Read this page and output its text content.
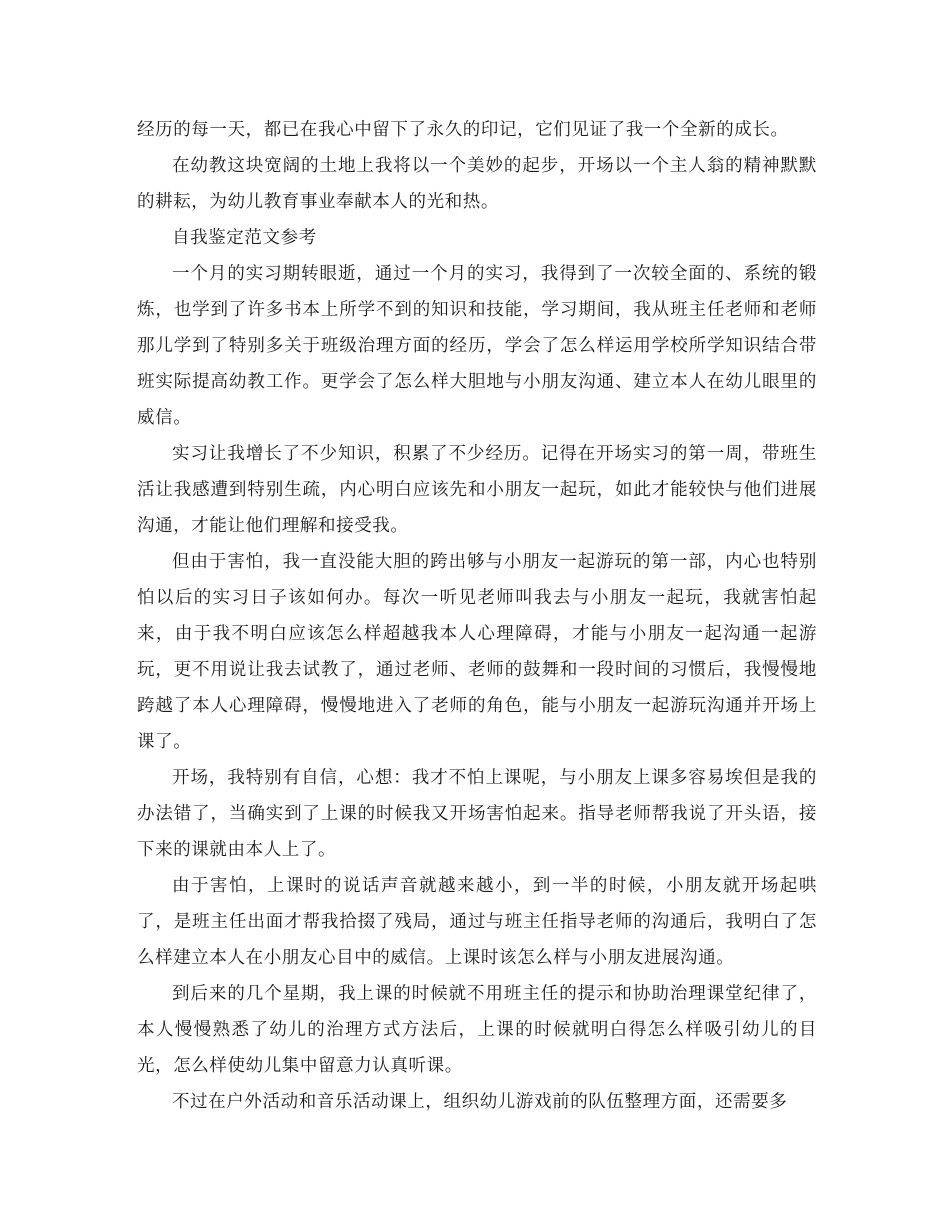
经历的每一天，都已在我心中留下了永久的印记，它们见证了我一个全新的成长。

在幼教这块宽阔的土地上我将以一个美妙的起步，开场以一个主人翁的精神默默的耕耘，为幼儿教育事业奉献本人的光和热。

自我鉴定范文参考

一个月的实习期转眼逝，通过一个月的实习，我得到了一次较全面的、系统的锻炼，也学到了许多书本上所学不到的知识和技能，学习期间，我从班主任老师和老师那儿学到了特别多关于班级治理方面的经历，学会了怎么样运用学校所学知识结合带班实际提高幼教工作。更学会了怎么样大胆地与小朋友沟通、建立本人在幼儿眼里的威信。

实习让我增长了不少知识，积累了不少经历。记得在开场实习的第一周，带班生活让我感遭到特别生疏，内心明白应该先和小朋友一起玩，如此才能较快与他们进展沟通，才能让他们理解和接受我。

但由于害怕，我一直没能大胆的跨出够与小朋友一起游玩的第一部，内心也特别怕以后的实习日子该如何办。每次一听见老师叫我去与小朋友一起玩，我就害怕起来，由于我不明白应该怎么样超越我本人心理障碍，才能与小朋友一起沟通一起游玩，更不用说让我去试教了，通过老师、老师的鼓舞和一段时间的习惯后，我慢慢地跨越了本人心理障碍，慢慢地进入了老师的角色，能与小朋友一起游玩沟通并开场上课了。

开场，我特别有自信，心想：我才不怕上课呢，与小朋友上课多容易埃但是我的办法错了，当确实到了上课的时候我又开场害怕起来。指导老师帮我说了开头语，接下来的课就由本人上了。

由于害怕，上课时的说话声音就越来越小，到一半的时候，小朋友就开场起哄了，是班主任出面才帮我拾掇了残局，通过与班主任指导老师的沟通后，我明白了怎么样建立本人在小朋友心目中的威信。上课时该怎么样与小朋友进展沟通。

到后来的几个星期，我上课的时候就不用班主任的提示和协助治理课堂纪律了，本人慢慢熟悉了幼儿的治理方式方法后，上课的时候就明白得怎么样吸引幼儿的目光，怎么样使幼儿集中留意力认真听课。

不过在户外活动和音乐活动课上，组织幼儿游戏前的队伍整理方面，还需要多
